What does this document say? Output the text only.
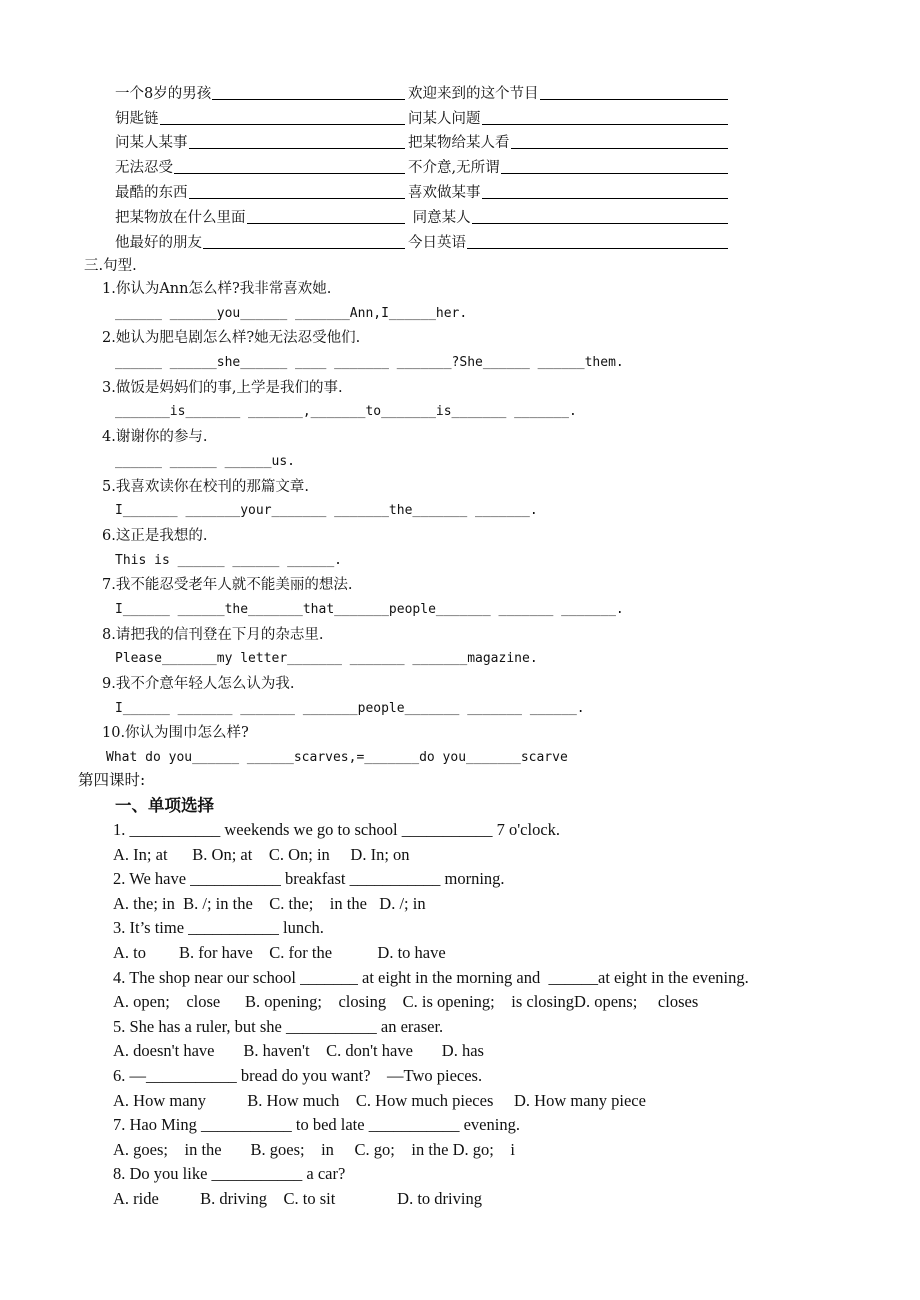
一个8岁的男孩	欢迎来到的这个节目
钥匙链	问某人问题
问某人某事	把某物给某人看
无法忍受	不介意,无所谓
最酷的东西	喜欢做某事
把某物放在什么里面	同意某人
他最好的朋友	今日英语
三.句型.
1.你认为Ann怎么样?我非常喜欢她.
______ ______you______ _______Ann,I______her.
2.她认为肥皂剧怎么样?她无法忍受他们.
______ ______she______ ____ _______ _______?She______ ______them.
3.做饭是妈妈们的事,上学是我们的事.
_______is_______ _______,_______to_______is_______ _______.
4.谢谢你的参与.
______ ______ ______us.
5.我喜欢读你在校刊的那篇文章.
I_______ _______your_______ _______the_______ _______.
6.这正是我想的.
This is ______ ______ ______.
7.我不能忍受老年人就不能美丽的想法.
I______ ______the_______that_______people_______ _______ _______.
8.请把我的信刊登在下月的杂志里.
Please_______my letter_______ _______ _______magazine.
9.我不介意年轻人怎么认为我.
I______ _______ _______ _______people_______ _______ ______.
10.你认为围巾怎么样?
What do you______ ______scarves,=_______do you_______scarve
第四课时:
一、单项选择
1. ___________ weekends we go to school ___________ 7 o'clock.
A. In; at      B. On; at    C. On; in     D. In; on
2. We have ___________ breakfast ___________ morning.
A. the; in  B. /; in the    C. the;    in the   D. /; in
3. It’s time ___________ lunch.
A. to        B. for have    C. for the           D. to have
4. The shop near our school _______ at eight in the morning and  ______at eight in the evening.
A. open;    close      B. opening;    closing    C. is opening;    is closingD. opens;     closes
5. She has a ruler, but she ___________ an eraser.
A. doesn't have       B. haven't    C. don't have       D. has
6. —___________ bread do you want?    —Two pieces.
A. How many          B. How much    C. How much pieces     D. How many piece
7. Hao Ming ___________ to bed late ___________ evening.
A. goes;    in the       B. goes;    in     C. go;    in the D. go;    i
8. Do you like ___________ a car?
A. ride          B. driving    C. to sit               D. to driving
